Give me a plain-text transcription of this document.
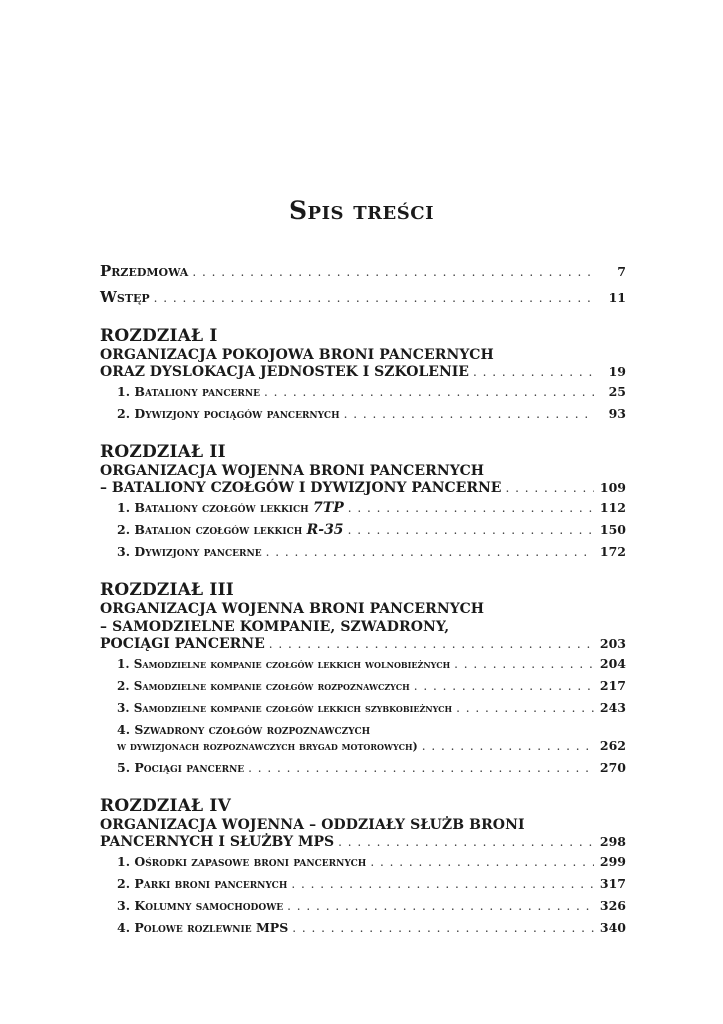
Spis treści
Przedmowa . . .	7
Wstęp . . .	11
ROZDZIAŁ I
ORGANIZACJA POKOJOWA BRONI PANCERNYCH
ORAZ DYSLOKACJA JEDNOSTEK I SZKOLENIE . . .	19
1. Bataliony pancerne . . .	25
2. Dywizjony pociągów pancernych . . .	93
ROZDZIAŁ II
ORGANIZACJA WOJENNA BRONI PANCERNYCH
– BATALIONY CZOŁGÓW I DYWIZJONY PANCERNE . . .	109
1. Bataliony czołgów lekkich 7TP . . .	112
2. Batalion czołgów lekkich R-35 . . .	150
3. Dywizjony pancerne . . .	172
ROZDZIAŁ III
ORGANIZACJA WOJENNA BRONI PANCERNYCH
– SAMODZIELNE KOMPANIE, SZWADRONY,
POCIĄGI PANCERNE . . .	203
1. Samodzielne kompanie czołgów lekkich wolnobieżnych . . .	204
2. Samodzielne kompanie czołgów rozpoznawczych . . .	217
3. Samodzielne kompanie czołgów lekkich szybkobieżnych . . .	243
4. Szwadrony czołgów rozpoznawczych
w dywizjonach rozpoznawczych brygad motorowych) . . .	262
5. Pociągi pancerne . . .	270
ROZDZIAŁ IV
ORGANIZACJA WOJENNA – ODDZIAŁY SŁUŻB BRONI
PANCERNYCH I SŁUŻBY MPS . . .	298
1. Ośrodki zapasowe broni pancernych . . .	299
2. Parki broni pancernych . . .	317
3. Kolumny samochodowe . . .	326
4. Polowe rozlewnie MPS . . .	340
